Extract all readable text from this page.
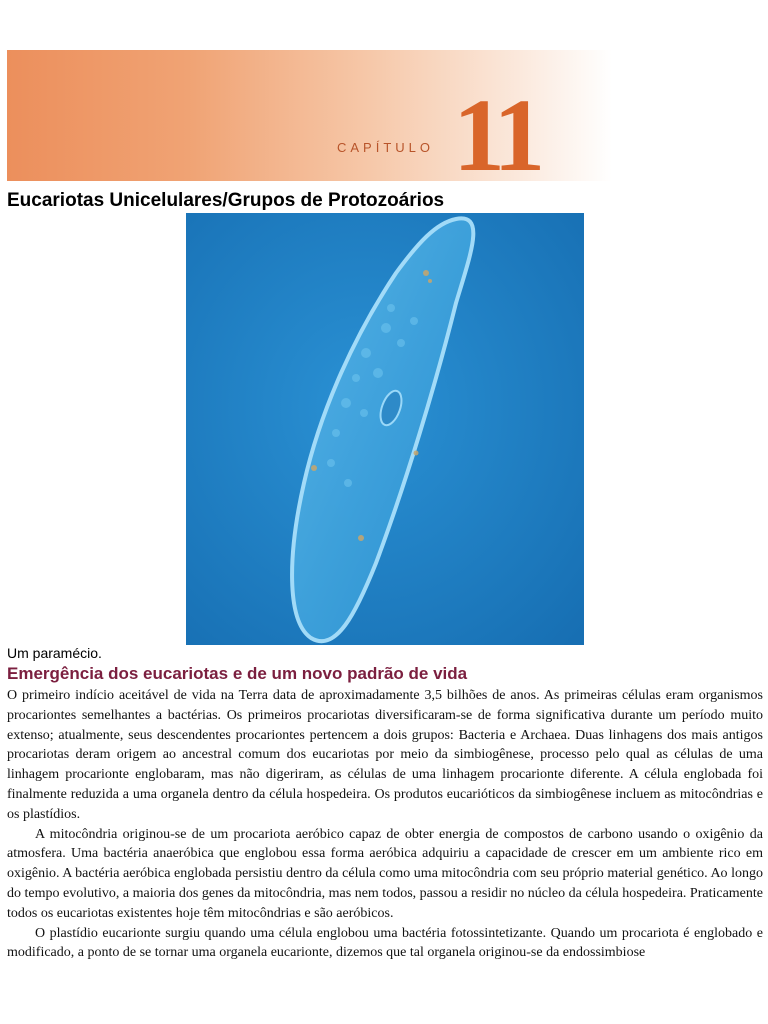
CAPÍTULO 11
Eucariotas Unicelulares/Grupos de Protozoários
Um paramécio.
Emergência dos eucariotas e de um novo padrão de vida

O primeiro indício aceitável de vida na Terra data de aproximadamente 3,5 bilhões de anos. As primeiras células eram organismos procariontes semelhantes a bactérias. Os primeiros procariotas diversificaram-se de forma significativa durante um período muito extenso; atualmente, seus descendentes procariontes pertencem a dois grupos: Bacteria e Archaea. Duas linhagens dos mais antigos procariotas deram origem ao ancestral comum dos eucariotas por meio da simbiogênese, processo pelo qual as células de uma linhagem procarionte englobaram, mas não digeriram, as células de uma linhagem procarionte diferente. A célula englobada foi finalmente reduzida a uma organela dentro da célula hospedeira. Os produtos eucarióticos da simbiogênese incluem as mitocôndrias e os plastídios.

A mitocôndria originou-se de um procariota aeróbico capaz de obter energia de compostos de carbono usando o oxigênio da atmosfera. Uma bactéria anaeróbica que englobou essa forma aeróbica adquiriu a capacidade de crescer em um ambiente rico em oxigênio. A bactéria aeróbica englobada persistiu dentro da célula como uma mitocôndria com seu próprio material genético. Ao longo do tempo evolutivo, a maioria dos genes da mitocôndria, mas nem todos, passou a residir no núcleo da célula hospedeira. Praticamente todos os eucariotas existentes hoje têm mitocôndrias e são aeróbicos.

O plastídio eucarionte surgiu quando uma célula englobou uma bactéria fotossintetizante. Quando um procariota é englobado e modificado, a ponto de se tornar uma organela eucarionte, dizemos que tal organela originou-se da endossimbiose
